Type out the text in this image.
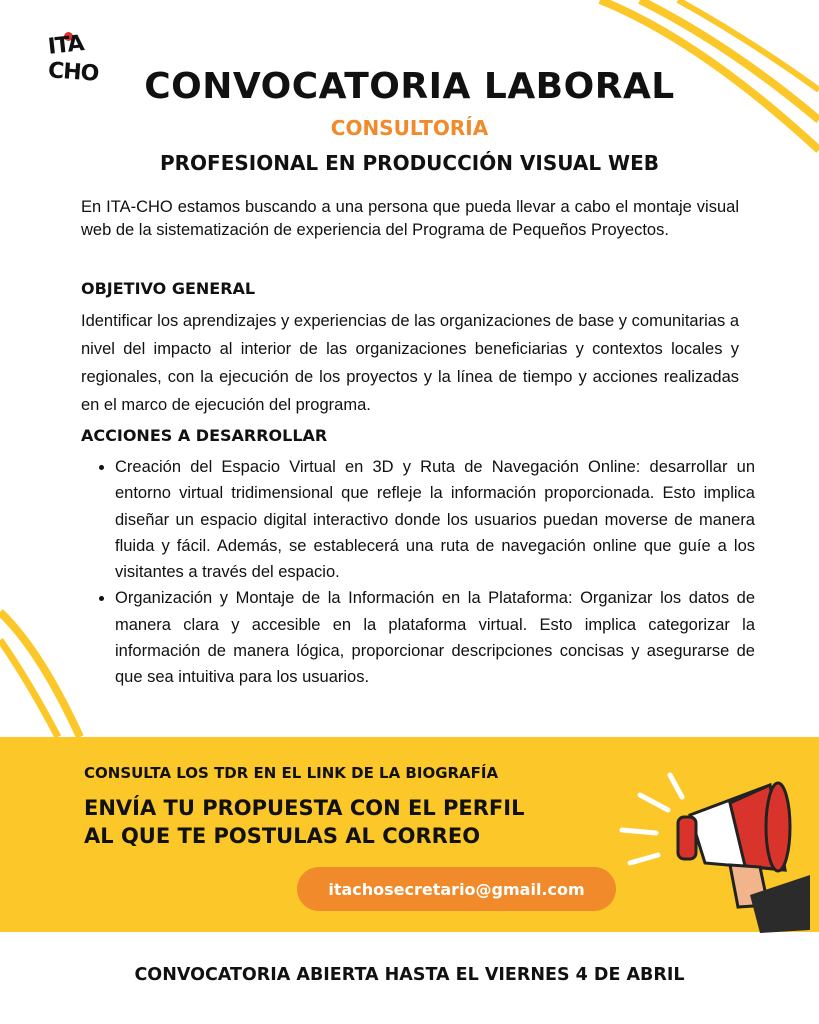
ITA
CHO	CONVOCATORIA LABORAL
CONSULTORÍA
PROFESIONAL EN PRODUCCIÓN VISUAL WEB
En ITA-CHO estamos buscando a una persona que pueda llevar a cabo el montaje visual web de la sistematización de experiencia del Programa de Pequeños Proyectos.
OBJETIVO GENERAL
Identificar los aprendizajes y experiencias de las organizaciones de base y comunitarias a nivel del impacto al interior de las organizaciones beneficiarias y contextos locales y regionales, con la ejecución de los proyectos y la línea de tiempo y acciones realizadas en el marco de ejecución del programa.
ACCIONES A DESARROLLAR
• Creación del Espacio Virtual en 3D y Ruta de Navegación Online: desarrollar un entorno virtual tridimensional que refleje la información proporcionada. Esto implica diseñar un espacio digital interactivo donde los usuarios puedan moverse de manera fluida y fácil. Además, se establecerá una ruta de navegación online que guíe a los visitantes a través del espacio.
• Organización y Montaje de la Información en la Plataforma: Organizar los datos de manera clara y accesible en la plataforma virtual. Esto implica categorizar la información de manera lógica, proporcionar descripciones concisas y asegurarse de que sea intuitiva para los usuarios.
CONSULTA LOS TDR EN EL LINK DE LA BIOGRAFÍA
ENVÍA TU PROPUESTA CON EL PERFIL AL QUE TE POSTULAS AL CORREO
itachosecretario@gmail.com
CONVOCATORIA ABIERTA HASTA EL VIERNES 4 DE ABRIL
